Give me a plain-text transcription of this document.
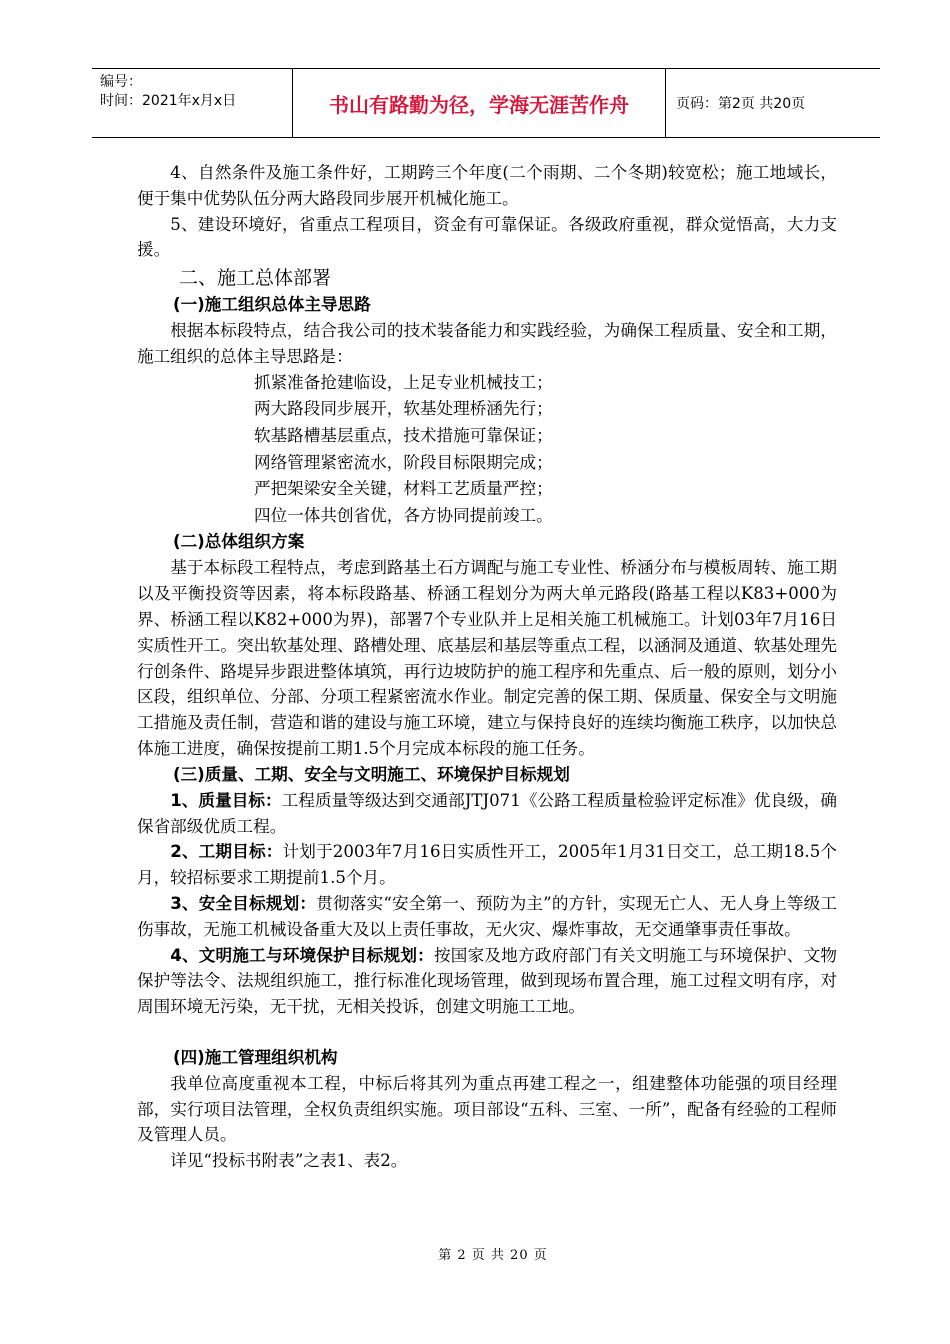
编号：
时间：2021年x月x日	书山有路勤为径，学海无涯苦作舟	页码：第2页 共20页

4、自然条件及施工条件好，工期跨三个年度(二个雨期、二个冬期)较宽松；施工地域长，便于集中优势队伍分两大路段同步展开机械化施工。

5、建设环境好，省重点工程项目，资金有可靠保证。各级政府重视，群众觉悟高，大力支援。

二、施工总体部署

(一)施工组织总体主导思路

根据本标段特点，结合我公司的技术装备能力和实践经验，为确保工程质量、安全和工期，施工组织的总体主导思路是：

抓紧准备抢建临设，上足专业机械技工；

两大路段同步展开，软基处理桥涵先行；

软基路槽基层重点，技术措施可靠保证；

网络管理紧密流水，阶段目标限期完成；

严把架梁安全关键，材料工艺质量严控；

四位一体共创省优，各方协同提前竣工。

(二)总体组织方案

基于本标段工程特点，考虑到路基土石方调配与施工专业性、桥涵分布与模板周转、施工期以及平衡投资等因素，将本标段路基、桥涵工程划分为两大单元路段(路基工程以K83+000为界、桥涵工程以K82+000为界)，部署7个专业队并上足相关施工机械施工。计划03年7月16日实质性开工。突出软基处理、路槽处理、底基层和基层等重点工程，以涵洞及通道、软基处理先行创条件、路堤异步跟进整体填筑，再行边坡防护的施工程序和先重点、后一般的原则，划分小区段，组织单位、分部、分项工程紧密流水作业。制定完善的保工期、保质量、保安全与文明施工措施及责任制，营造和谐的建设与施工环境，建立与保持良好的连续均衡施工秩序，以加快总体施工进度，确保按提前工期1.5个月完成本标段的施工任务。

(三)质量、工期、安全与文明施工、环境保护目标规划

1、质量目标：工程质量等级达到交通部JTJ071《公路工程质量检验评定标准》优良级，确保省部级优质工程。

2、工期目标：计划于2003年7月16日实质性开工，2005年1月31日交工，总工期18.5个月，较招标要求工期提前1.5个月。

3、安全目标规划：贯彻落实“安全第一、预防为主”的方针，实现无亡人、无人身上等级工伤事故，无施工机械设备重大及以上责任事故，无火灾、爆炸事故，无交通肇事责任事故。

4、文明施工与环境保护目标规划：按国家及地方政府部门有关文明施工与环境保护、文物保护等法令、法规组织施工，推行标准化现场管理，做到现场布置合理，施工过程文明有序，对周围环境无污染，无干扰，无相关投诉，创建文明施工工地。

(四)施工管理组织机构

我单位高度重视本工程，中标后将其列为重点再建工程之一，组建整体功能强的项目经理部，实行项目法管理，全权负责组织实施。项目部设“五科、三室、一所”，配备有经验的工程师及管理人员。

详见“投标书附表”之表1、表2。

第 2 页 共 20 页
